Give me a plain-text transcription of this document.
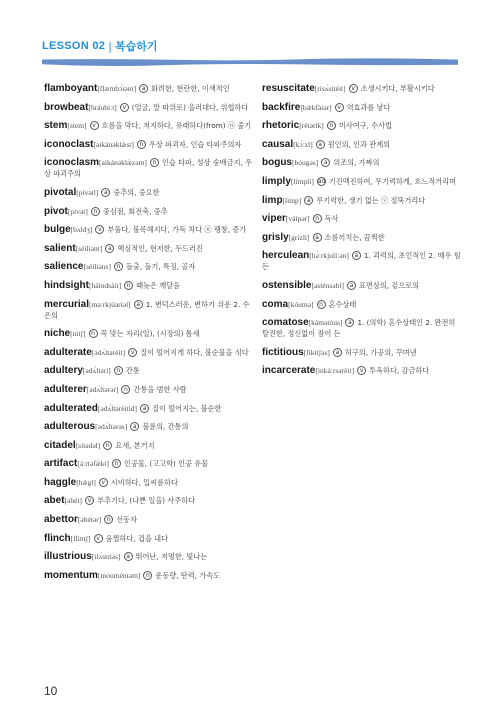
LESSON 02 | 복습하기
flamboyant[flæmbɔ́iənt] a 화려한, 현란한, 이색적인
browbeat[bráubìːt] v (얼굴, 말 따위로) 을러대다, 위협하다
stem[stem] v 흐름을 막다, 저지하다, 유래하다(from) ⓝ 줄기
iconoclast[aikánəklæ̀st] n 우상 파괴자, 인습 타파주의자
iconoclasm[aikánəklæ̀zəm] n 인습 타파, 성상 숭배금지, 우상 파괴주의
pivotal[pívətl] a 중추의, 중요한
pivot[pívət] n 중심점, 회전축, 중추
bulge[bʌldʒ] v 부풀다, 불룩해지다, 가득 차다 ⓝ 팽창, 증가
salient[séiliənt] a 핵심적인, 현저한, 두드러진
salience[séiliəns] n 돌출, 돌기, 특징, 골자
hindsight[háindsàit] n 때늦은 깨달음
mercurial[məːrkjúəriəl] a 1. 변덕스러운, 변하기 쉬운 2. 수은의
niche[nitʃ] n 꼭 맞는 자리(일), (시장의) 틈새
adulterate[ədʌ́ltərèit] v 질이 떨어지게 하다, 불순물을 섞다
adultery[ədʌ́ltəri] n 간통
adulterer[ədʌ́ltərər] n 간통을 범한 사람
adulterated[ədʌ́ltərèitid] a 질이 떨어지는, 불순한
adulterous[ədʌ́ltərəs] a 불륜의, 간통의
citadel[sítədəl] n 요새, 본거지
artifact[áːrtəfæ̀kt] n 인공물, (고고학) 인공 유물
haggle[hǽgl] v 시비하다, 입씨름하다
abet[əbét] v 부추기다, (나쁜 일을) 사주하다
abettor[əbétər] n 선동자
flinch[flintʃ] v 움찔하다, 겁을 내다
illustrious[ilʌ́striəs] a 뛰어난, 저명한, 빛나는
momentum[mouméntəm] n 운동량, 탄력, 가속도
resuscitate[risʌ́sitèit] v 소생시키다, 부활시키다
backfire[bǽkfàiər] v 역효과를 낳다
rhetoric[rétərik] n 미사여구, 수사법
causal[kɔ́ːzl] a 원인의, 인과 관계의
bogus[bóugəs] a 위조의, 가짜의
limply[límpli] ad 기진맥진하여, 무기력하게, 흐느적거리며
limp[limp] a 무기력한, 생기 없는 ⓥ 절뚝거리다
viper[váipər] n 독사
grisly[grízli] a 소름끼치는, 끔찍한
herculean[hə̀ːrkjulíːən] a 1. 괴력의, 초인적인 2. 매우 힘든
ostensible[asténsəbl] a 표면상의, 겉으로의
coma[kóumə] n 혼수상태
comatose[kámətòus] a 1. (의학) 혼수상태인 2. 완전히 탈진한, 정신없이 잠이 든
fictitious[fiktíʃəs] a 허구의, 가공의, 꾸며낸
incarcerate[inkáːrsərèit] v 투옥하다, 감금하다
10
